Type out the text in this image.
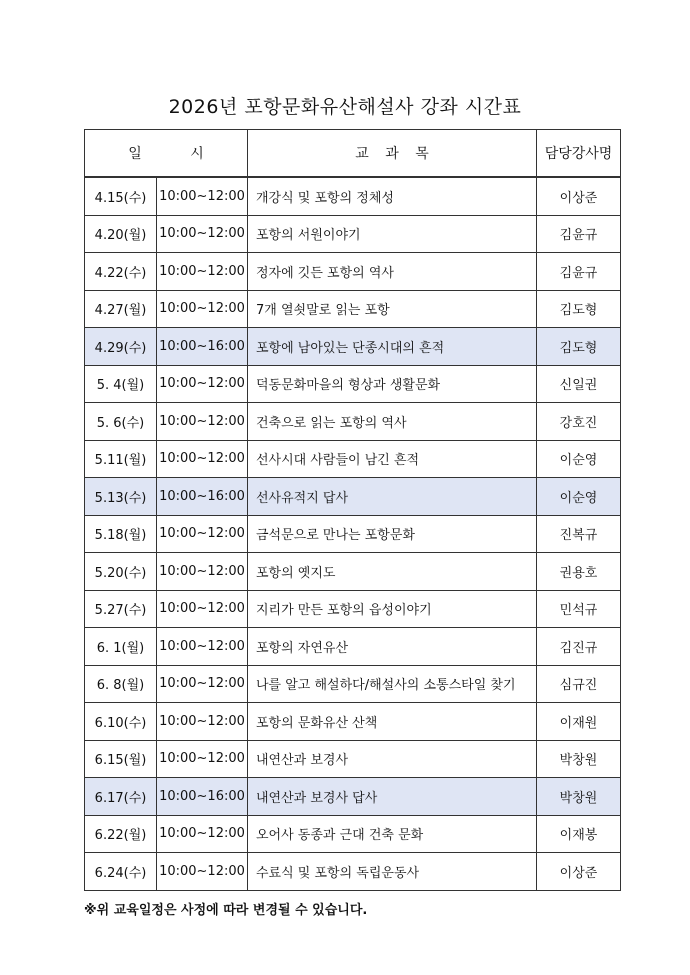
2026년 포항문화유산해설사 강좌 시간표
일 시		교 과 목	담당강사명
4.15(수)	10:00~12:00	개강식 및 포항의 정체성	이상준
4.20(월)	10:00~12:00	포항의 서원이야기	김윤규
4.22(수)	10:00~12:00	정자에 깃든 포항의 역사	김윤규
4.27(월)	10:00~12:00	7개 열쇳말로 읽는 포항	김도형
4.29(수)	10:00~16:00	포항에 남아있는 단종시대의 흔적	김도형
5. 4(월)	10:00~12:00	덕동문화마을의 형상과 생활문화	신일권
5. 6(수)	10:00~12:00	건축으로 읽는 포항의 역사	강호진
5.11(월)	10:00~12:00	선사시대 사람들이 남긴 흔적	이순영
5.13(수)	10:00~16:00	선사유적지 답사	이순영
5.18(월)	10:00~12:00	금석문으로 만나는 포항문화	진복규
5.20(수)	10:00~12:00	포항의 옛지도	권용호
5.27(수)	10:00~12:00	지리가 만든 포항의 읍성이야기	민석규
6. 1(월)	10:00~12:00	포항의 자연유산	김진규
6. 8(월)	10:00~12:00	나를 알고 해설하다/해설사의 소통스타일 찾기	심규진
6.10(수)	10:00~12:00	포항의 문화유산 산책	이재원
6.15(월)	10:00~12:00	내연산과 보경사	박창원
6.17(수)	10:00~16:00	내연산과 보경사 답사	박창원
6.22(월)	10:00~12:00	오어사 동종과 근대 건축 문화	이재봉
6.24(수)	10:00~12:00	수료식 및 포항의 독립운동사	이상준
※위 교육일정은 사정에 따라 변경될 수 있습니다.
